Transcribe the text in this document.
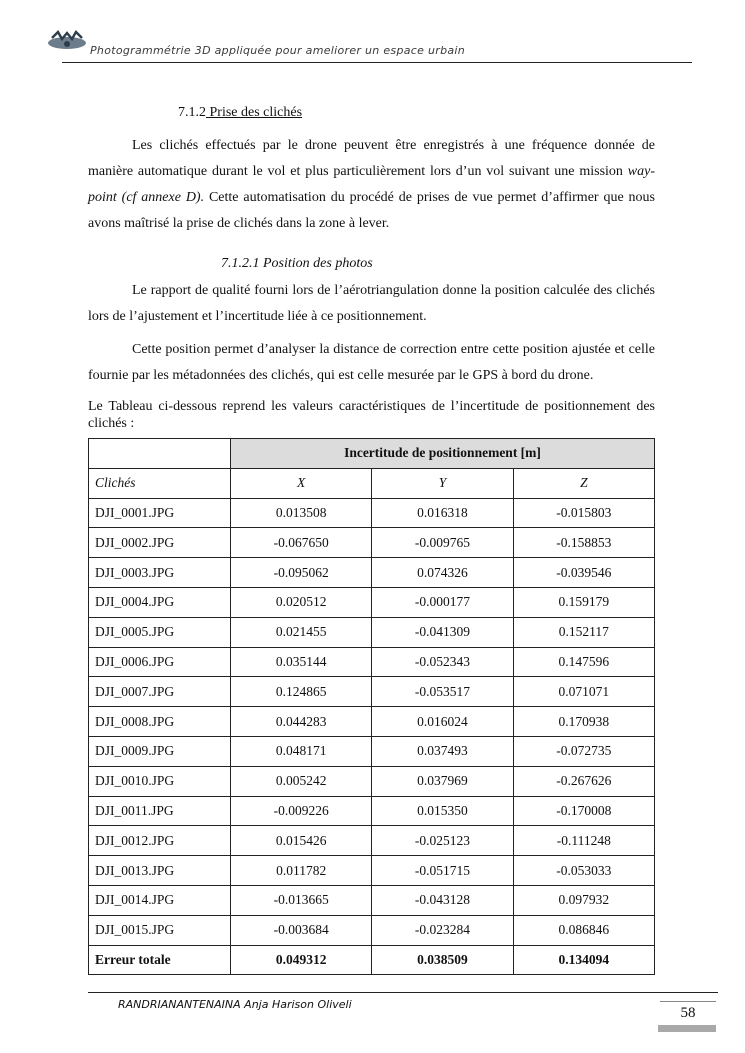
Photogrammétrie 3D appliquée pour ameliorer un espace urbain
7.1.2 Prise des clichés
Les clichés effectués par le drone peuvent être enregistrés à une fréquence donnée de manière automatique durant le vol et plus particulièrement lors d’un vol suivant une mission way-point (cf annexe D). Cette automatisation du procédé de prises de vue permet d’affirmer que nous avons maîtrisé la prise de clichés dans la zone à lever.
7.1.2.1 Position des photos
Le rapport de qualité fourni lors de l’aérotriangulation donne la position calculée des clichés lors de l’ajustement et l’incertitude liée à ce positionnement.
Cette position permet d’analyser la distance de correction entre cette position ajustée et celle fournie par les métadonnées des clichés, qui est celle mesurée par le GPS à bord du drone.
Le Tableau ci-dessous reprend les valeurs caractéristiques de l’incertitude de positionnement des clichés :
	Incertitude de positionnement [m]		
Clichés	X	Y	Z
DJI_0001.JPG	0.013508	0.016318	-0.015803
DJI_0002.JPG	-0.067650	-0.009765	-0.158853
DJI_0003.JPG	-0.095062	0.074326	-0.039546
DJI_0004.JPG	0.020512	-0.000177	0.159179
DJI_0005.JPG	0.021455	-0.041309	0.152117
DJI_0006.JPG	0.035144	-0.052343	0.147596
DJI_0007.JPG	0.124865	-0.053517	0.071071
DJI_0008.JPG	0.044283	0.016024	0.170938
DJI_0009.JPG	0.048171	0.037493	-0.072735
DJI_0010.JPG	0.005242	0.037969	-0.267626
DJI_0011.JPG	-0.009226	0.015350	-0.170008
DJI_0012.JPG	0.015426	-0.025123	-0.111248
DJI_0013.JPG	0.011782	-0.051715	-0.053033
DJI_0014.JPG	-0.013665	-0.043128	0.097932
DJI_0015.JPG	-0.003684	-0.023284	0.086846
Erreur totale	0.049312	0.038509	0.134094
RANDRIANANTENAINA Anja Harison Oliveli
58
